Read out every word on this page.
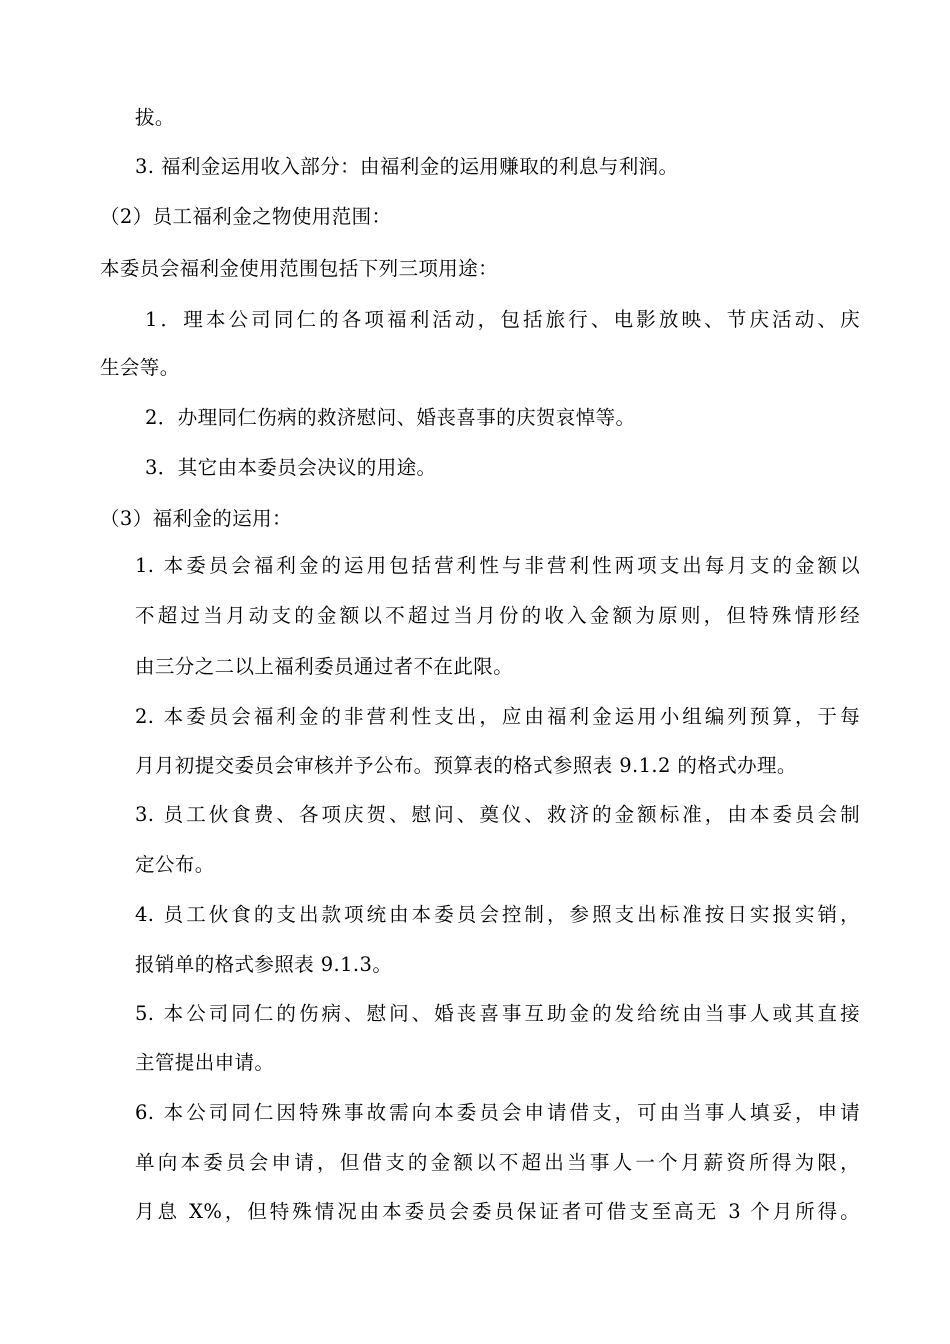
拔。
3. 福利金运用收入部分：由福利金的运用赚取的利息与利润。
（2）员工福利金之物使用范围：
本委员会福利金使用范围包括下列三项用途：
1．理本公司同仁的各项福利活动，包括旅行、电影放映、节庆活动、庆
生会等。
2．办理同仁伤病的救济慰问、婚丧喜事的庆贺哀悼等。
3．其它由本委员会决议的用途。
（3）福利金的运用：
1. 本委员会福利金的运用包括营利性与非营利性两项支出每月支的金额以
不超过当月动支的金额以不超过当月份的收入金额为原则，但特殊情形经
由三分之二以上福利委员通过者不在此限。
2. 本委员会福利金的非营利性支出，应由福利金运用小组编列预算，于每
月月初提交委员会审核并予公布。预算表的格式参照表 9.1.2 的格式办理。
3. 员工伙食费、各项庆贺、慰问、奠仪、救济的金额标准，由本委员会制
定公布。
4. 员工伙食的支出款项统由本委员会控制，参照支出标准按日实报实销，
报销单的格式参照表 9.1.3。
5. 本公司同仁的伤病、慰问、婚丧喜事互助金的发给统由当事人或其直接
主管提出申请。
6. 本公司同仁因特殊事故需向本委员会申请借支，可由当事人填妥，申请
单向本委员会申请，但借支的金额以不超出当事人一个月薪资所得为限，
月息 X%，但特殊情况由本委员会委员保证者可借支至高无 3 个月所得。
